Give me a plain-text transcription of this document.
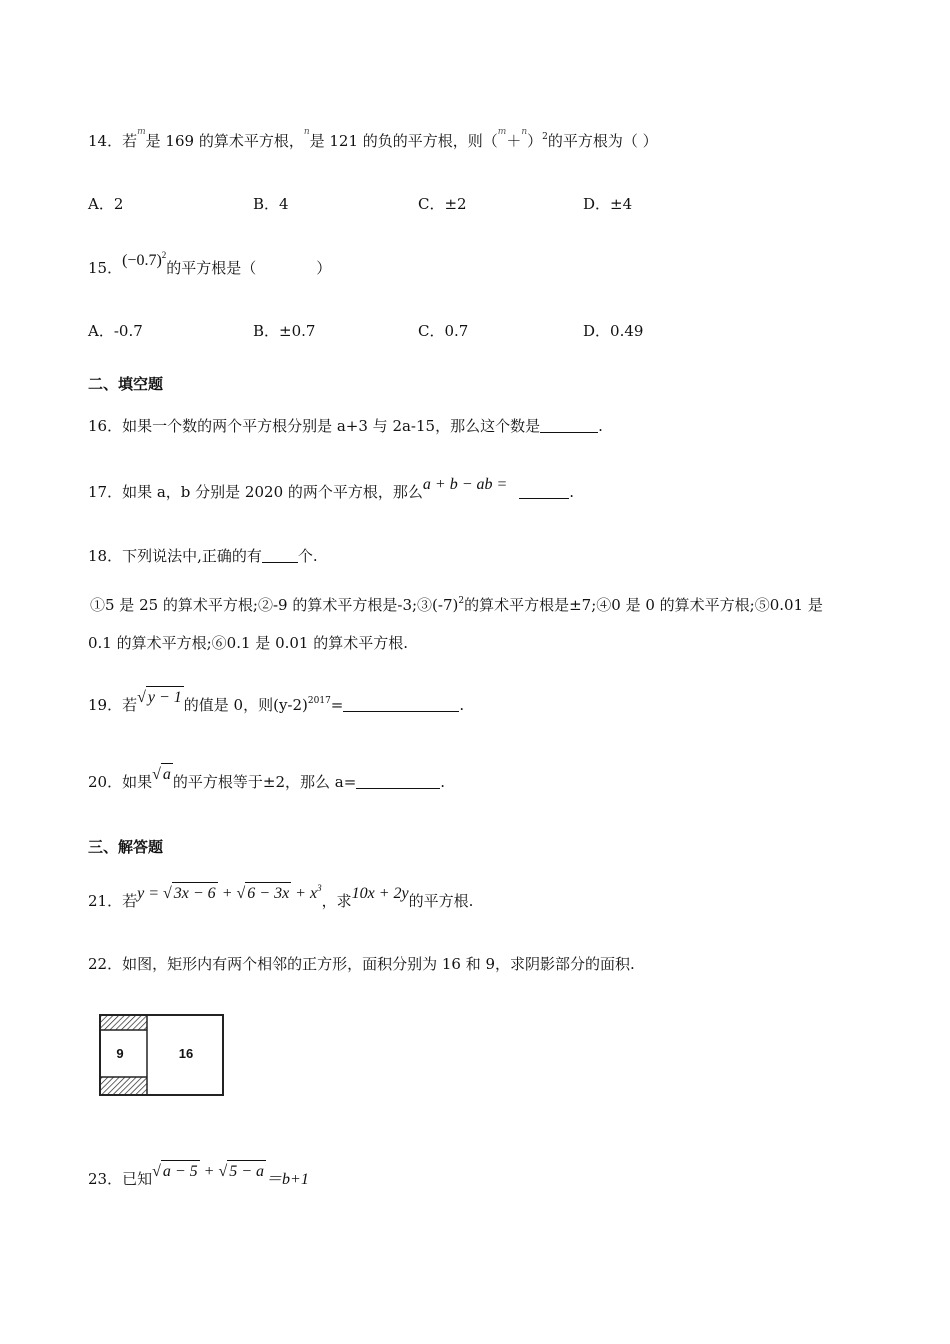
14．若m是 169 的算术平方根，n是 121 的负的平方根，则$(m+n)^2$的平方根为（ ）
A．2	B．4	C．±2	D．±4
15．$(-0.7)^2$的平方根是（　　　　）
A．-0.7	B．±0.7	C．0.7	D．0.49
二、填空题
16．如果一个数的两个平方根分别是 a+3 与 2a-15，那么这个数是	.
17．如果 a，b 分别是 2020 的两个平方根，那么a + b − ab =	.
18．下列说法中,正确的有 个.
①5 是 25 的算术平方根;②-9 的算术平方根是$-3;③(-7)^2$的算术平方根是±7;④0 是 0 的算术平方根;⑤0.01 是
0.1 的算术平方根;⑥0.1 是 0.01 的算术平方根.
19．若√ y − 1 的值是 0，则$(y-2)^{2017}=$	.
20．如果√ a 的平方根等于±2，那么 a=	.
三、解答题
21．若y = √ 3x − 6 + √ $6 - 3x + x^3$，求10x + 2y的平方根.
22．如图，矩形内有两个相邻的正方形，面积分别为 16 和 9，求阴影部分的面积.
9	16
23．已知√ a − 5 + √ 5 − a ＝b+1
